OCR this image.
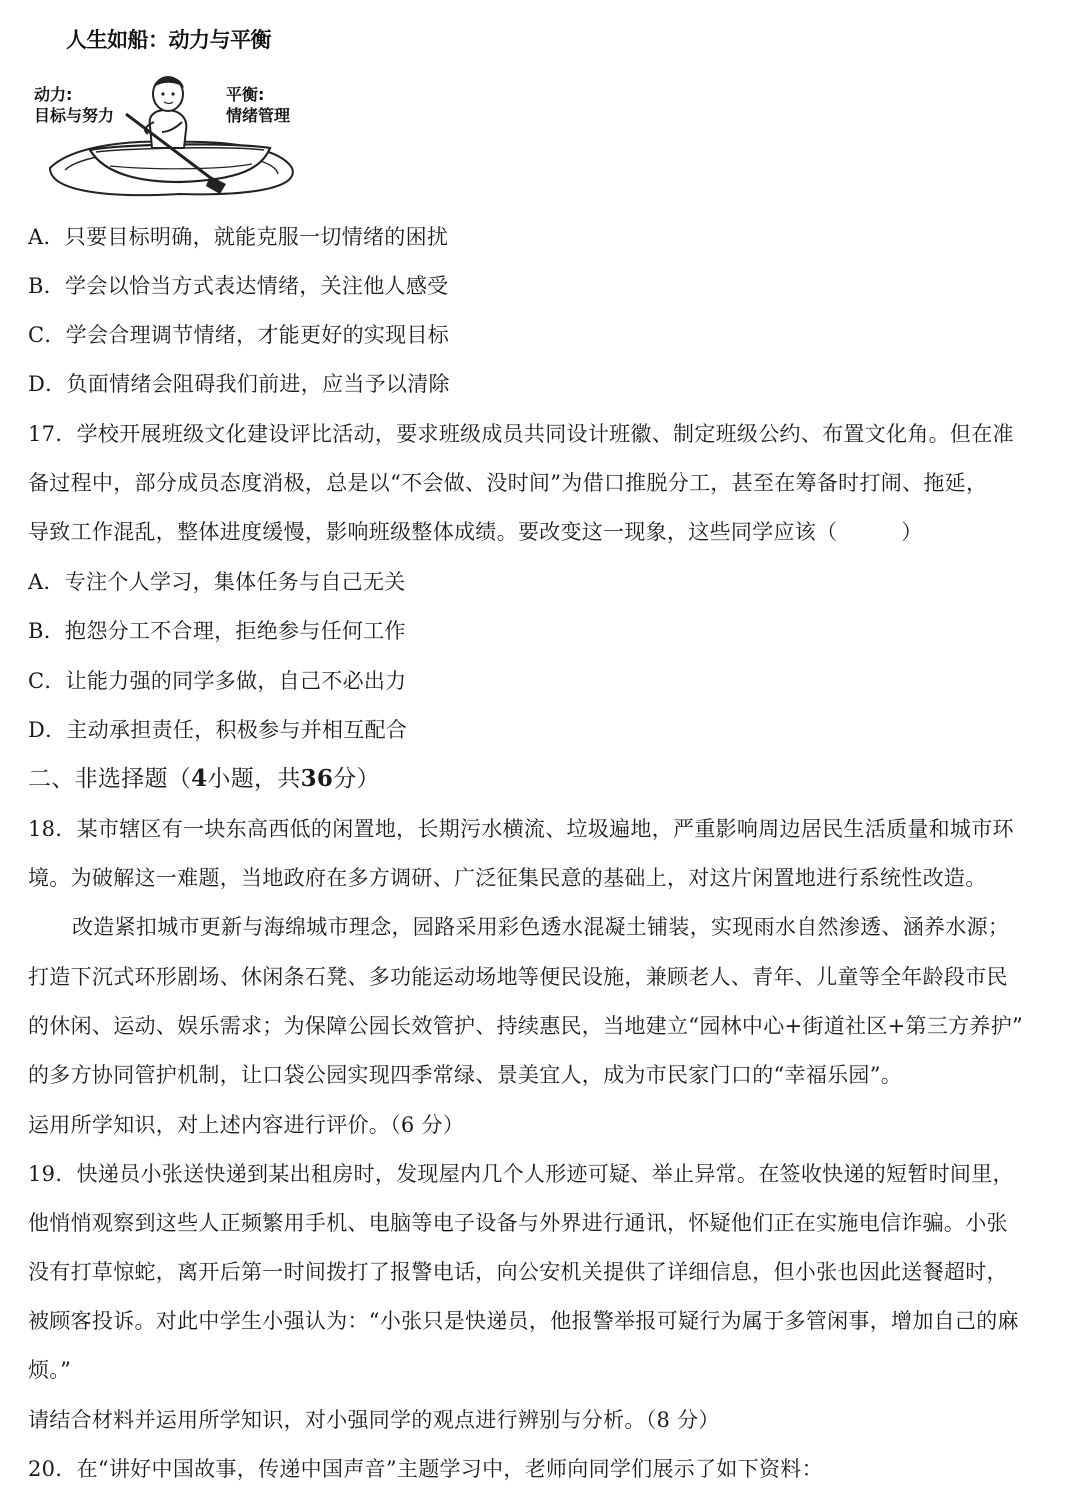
人生如船：动力与平衡
动力:
目标与努力
平衡:
情绪管理
A．只要目标明确，就能克服一切情绪的困扰
B．学会以恰当方式表达情绪，关注他人感受
C．学会合理调节情绪，才能更好的实现目标
D．负面情绪会阻碍我们前进，应当予以清除
17．学校开展班级文化建设评比活动，要求班级成员共同设计班徽、制定班级公约、布置文化角。但在准
备过程中，部分成员态度消极，总是以“不会做、没时间”为借口推脱分工，甚至在筹备时打闹、拖延，
导致工作混乱，整体进度缓慢，影响班级整体成绩。要改变这一现象，这些同学应该（　　　）
A．专注个人学习，集体任务与自己无关
B．抱怨分工不合理，拒绝参与任何工作
C．让能力强的同学多做，自己不必出力
D．主动承担责任，积极参与并相互配合
二、非选择题（4小题，共36分）
18．某市辖区有一块东高西低的闲置地，长期污水横流、垃圾遍地，严重影响周边居民生活质量和城市环
境。为破解这一难题，当地政府在多方调研、广泛征集民意的基础上，对这片闲置地进行系统性改造。
改造紧扣城市更新与海绵城市理念，园路采用彩色透水混凝土铺装，实现雨水自然渗透、涵养水源；
打造下沉式环形剧场、休闲条石凳、多功能运动场地等便民设施，兼顾老人、青年、儿童等全年龄段市民
的休闲、运动、娱乐需求；为保障公园长效管护、持续惠民，当地建立“园林中心+街道社区+第三方养护”
的多方协同管护机制，让口袋公园实现四季常绿、景美宜人，成为市民家门口的“幸福乐园”。
运用所学知识，对上述内容进行评价。（6 分）
19．快递员小张送快递到某出租房时，发现屋内几个人形迹可疑、举止异常。在签收快递的短暂时间里，
他悄悄观察到这些人正频繁用手机、电脑等电子设备与外界进行通讯，怀疑他们正在实施电信诈骗。小张
没有打草惊蛇，离开后第一时间拨打了报警电话，向公安机关提供了详细信息，但小张也因此送餐超时，
被顾客投诉。对此中学生小强认为：“小张只是快递员，他报警举报可疑行为属于多管闲事，增加自己的麻
烦。”
请结合材料并运用所学知识，对小强同学的观点进行辨别与分析。（8 分）
20．在“讲好中国故事，传递中国声音”主题学习中，老师向同学们展示了如下资料：
